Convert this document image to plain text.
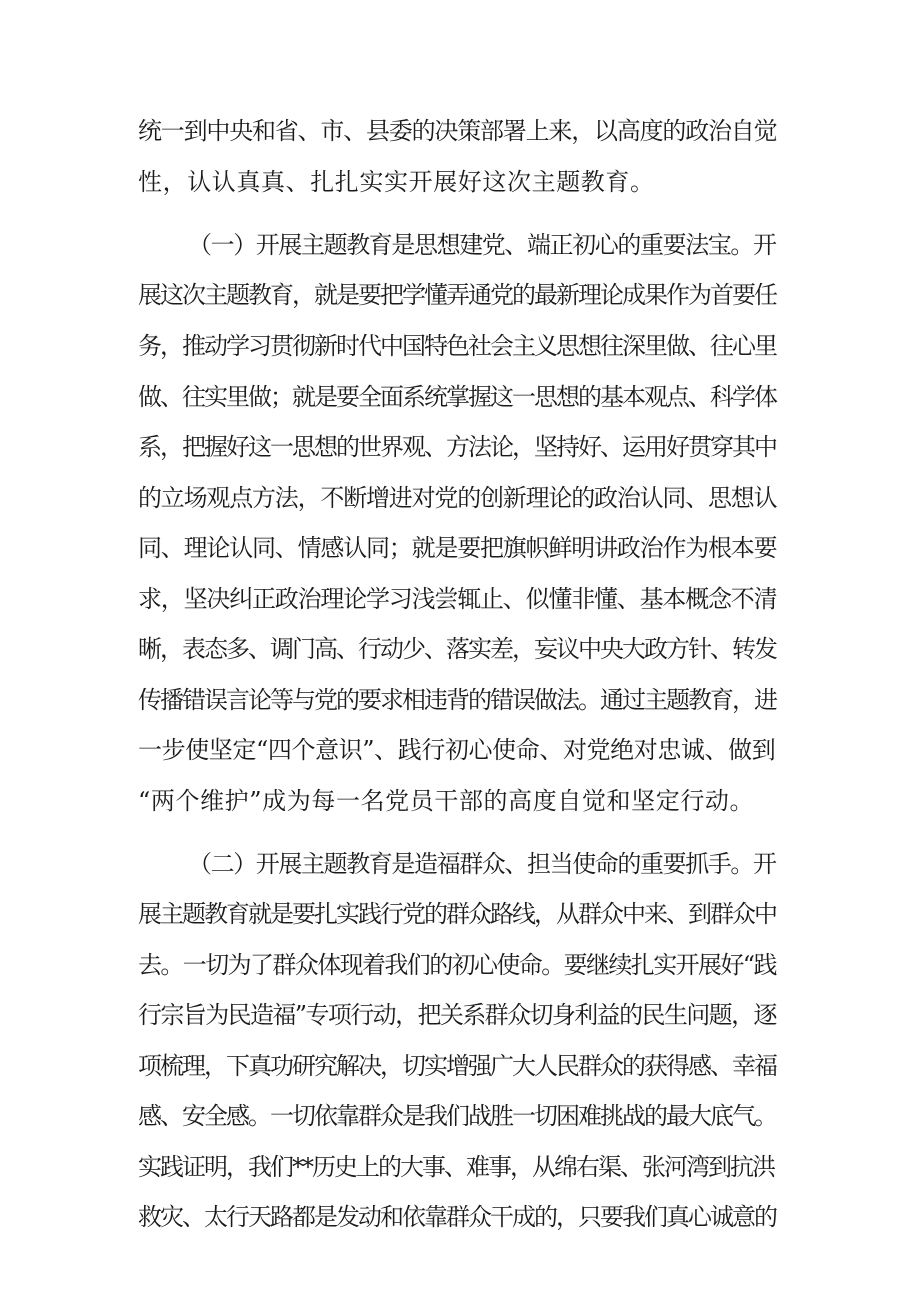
统一到中央和省、市、县委的决策部署上来，以高度的政治自觉
性，认认真真、扎扎实实开展好这次主题教育。
（一）开展主题教育是思想建党、端正初心的重要法宝。开
展这次主题教育，就是要把学懂弄通党的最新理论成果作为首要任
务，推动学习贯彻新时代中国特色社会主义思想往深里做、往心里
做、往实里做；就是要全面系统掌握这一思想的基本观点、科学体
系，把握好这一思想的世界观、方法论，坚持好、运用好贯穿其中
的立场观点方法，不断增进对党的创新理论的政治认同、思想认
同、理论认同、情感认同；就是要把旗帜鲜明讲政治作为根本要
求，坚决纠正政治理论学习浅尝辄止、似懂非懂、基本概念不清
晰，表态多、调门高、行动少、落实差，妄议中央大政方针、转发
传播错误言论等与党的要求相违背的错误做法。通过主题教育，进
一步使坚定“四个意识”、践行初心使命、对党绝对忠诚、做到
“两个维护”成为每一名党员干部的高度自觉和坚定行动。
（二）开展主题教育是造福群众、担当使命的重要抓手。开
展主题教育就是要扎实践行党的群众路线，从群众中来、到群众中
去。一切为了群众体现着我们的初心使命。要继续扎实开展好“践
行宗旨为民造福”专项行动，把关系群众切身利益的民生问题，逐
项梳理，下真功研究解决，切实增强广大人民群众的获得感、幸福
感、安全感。一切依靠群众是我们战胜一切困难挑战的最大底气。
实践证明，我们**历史上的大事、难事，从绵右渠、张河湾到抗洪
救灾、太行天路都是发动和依靠群众干成的，只要我们真心诚意的
